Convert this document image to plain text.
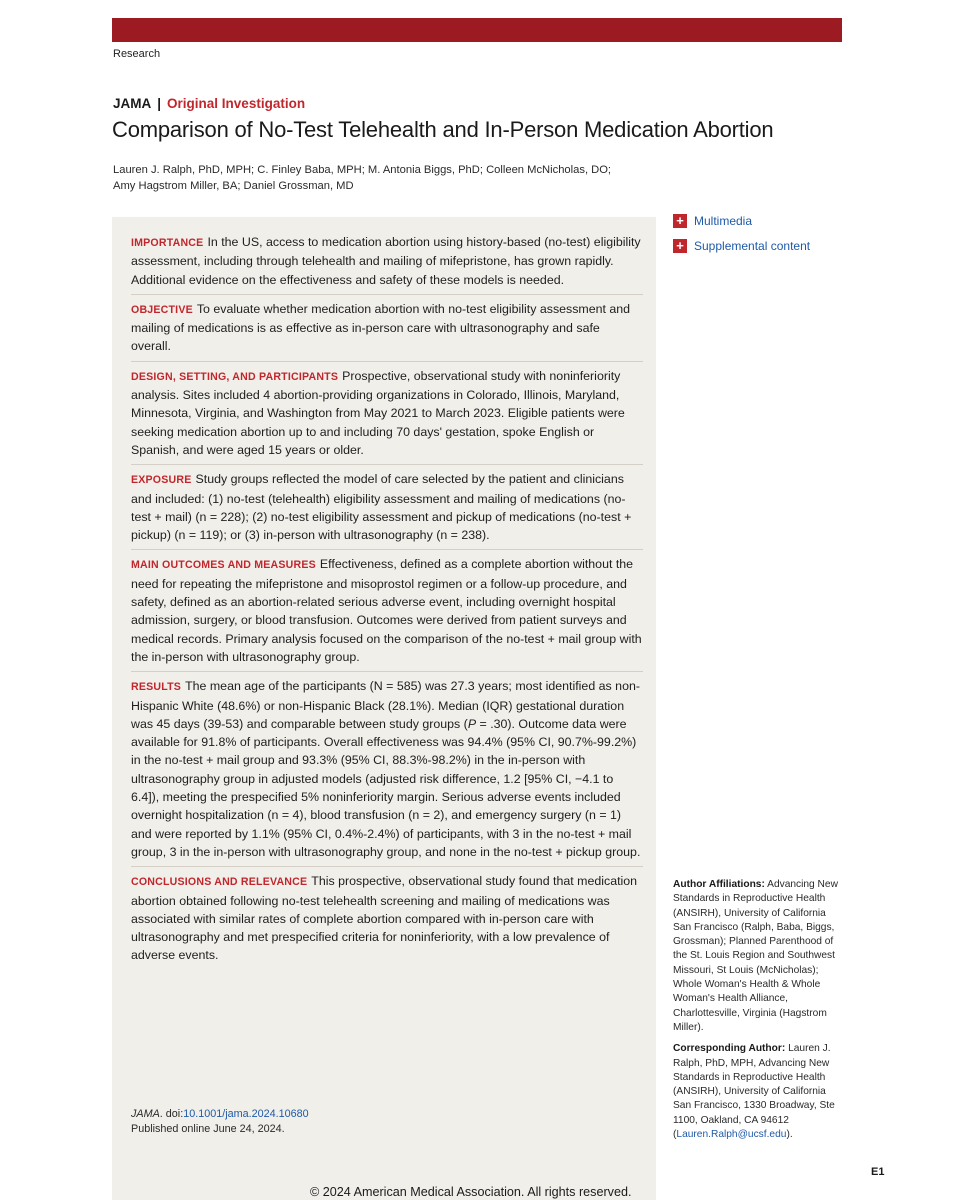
Research
JAMA | Original Investigation
Comparison of No-Test Telehealth and In-Person Medication Abortion
Lauren J. Ralph, PhD, MPH; C. Finley Baba, MPH; M. Antonia Biggs, PhD; Colleen McNicholas, DO;
Amy Hagstrom Miller, BA; Daniel Grossman, MD

IMPORTANCE In the US, access to medication abortion using history-based (no-test) eligibility assessment, including through telehealth and mailing of mifepristone, has grown rapidly. Additional evidence on the effectiveness and safety of these models is needed.

OBJECTIVE To evaluate whether medication abortion with no-test eligibility assessment and mailing of medications is as effective as in-person care with ultrasonography and safe overall.

DESIGN, SETTING, AND PARTICIPANTS Prospective, observational study with noninferiority analysis. Sites included 4 abortion-providing organizations in Colorado, Illinois, Maryland, Minnesota, Virginia, and Washington from May 2021 to March 2023. Eligible patients were seeking medication abortion up to and including 70 days' gestation, spoke English or Spanish, and were aged 15 years or older.

EXPOSURE Study groups reflected the model of care selected by the patient and clinicians and included: (1) no-test (telehealth) eligibility assessment and mailing of medications (no-test + mail) (n = 228); (2) no-test eligibility assessment and pickup of medications (no-test + pickup) (n = 119); or (3) in-person with ultrasonography (n = 238).

MAIN OUTCOMES AND MEASURES Effectiveness, defined as a complete abortion without the need for repeating the mifepristone and misoprostol regimen or a follow-up procedure, and safety, defined as an abortion-related serious adverse event, including overnight hospital admission, surgery, or blood transfusion. Outcomes were derived from patient surveys and medical records. Primary analysis focused on the comparison of the no-test + mail group with the in-person with ultrasonography group.

RESULTS The mean age of the participants (N = 585) was 27.3 years; most identified as non-Hispanic White (48.6%) or non-Hispanic Black (28.1%). Median (IQR) gestational duration was 45 days (39-53) and comparable between study groups (P = .30). Outcome data were available for 91.8% of participants. Overall effectiveness was 94.4% (95% CI, 90.7%-99.2%) in the no-test + mail group and 93.3% (95% CI, 88.3%-98.2%) in the in-person with ultrasonography group in adjusted models (adjusted risk difference, 1.2 [95% CI, −4.1 to 6.4]), meeting the prespecified 5% noninferiority margin. Serious adverse events included overnight hospitalization (n = 4), blood transfusion (n = 2), and emergency surgery (n = 1) and were reported by 1.1% (95% CI, 0.4%-2.4%) of participants, with 3 in the no-test + mail group, 3 in the in-person with ultrasonography group, and none in the no-test + pickup group.

CONCLUSIONS AND RELEVANCE This prospective, observational study found that medication abortion obtained following no-test telehealth screening and mailing of medications was associated with similar rates of complete abortion compared with in-person care with ultrasonography and met prespecified criteria for noninferiority, with a low prevalence of adverse events.

JAMA. doi:10.1001/jama.2024.10680
Published online June 24, 2024.
+ Multimedia
+ Supplemental content

Author Affiliations: Advancing New Standards in Reproductive Health (ANSIRH), University of California San Francisco (Ralph, Baba, Biggs, Grossman); Planned Parenthood of the St. Louis Region and Southwest Missouri, St Louis (McNicholas); Whole Woman's Health & Whole Woman's Health Alliance, Charlottesville, Virginia (Hagstrom Miller).

Corresponding Author: Lauren J. Ralph, PhD, MPH, Advancing New Standards in Reproductive Health (ANSIRH), University of California San Francisco, 1330 Broadway, Ste 1100, Oakland, CA 94612 (Lauren.Ralph@ucsf.edu).

E1
© 2024 American Medical Association. All rights reserved.
